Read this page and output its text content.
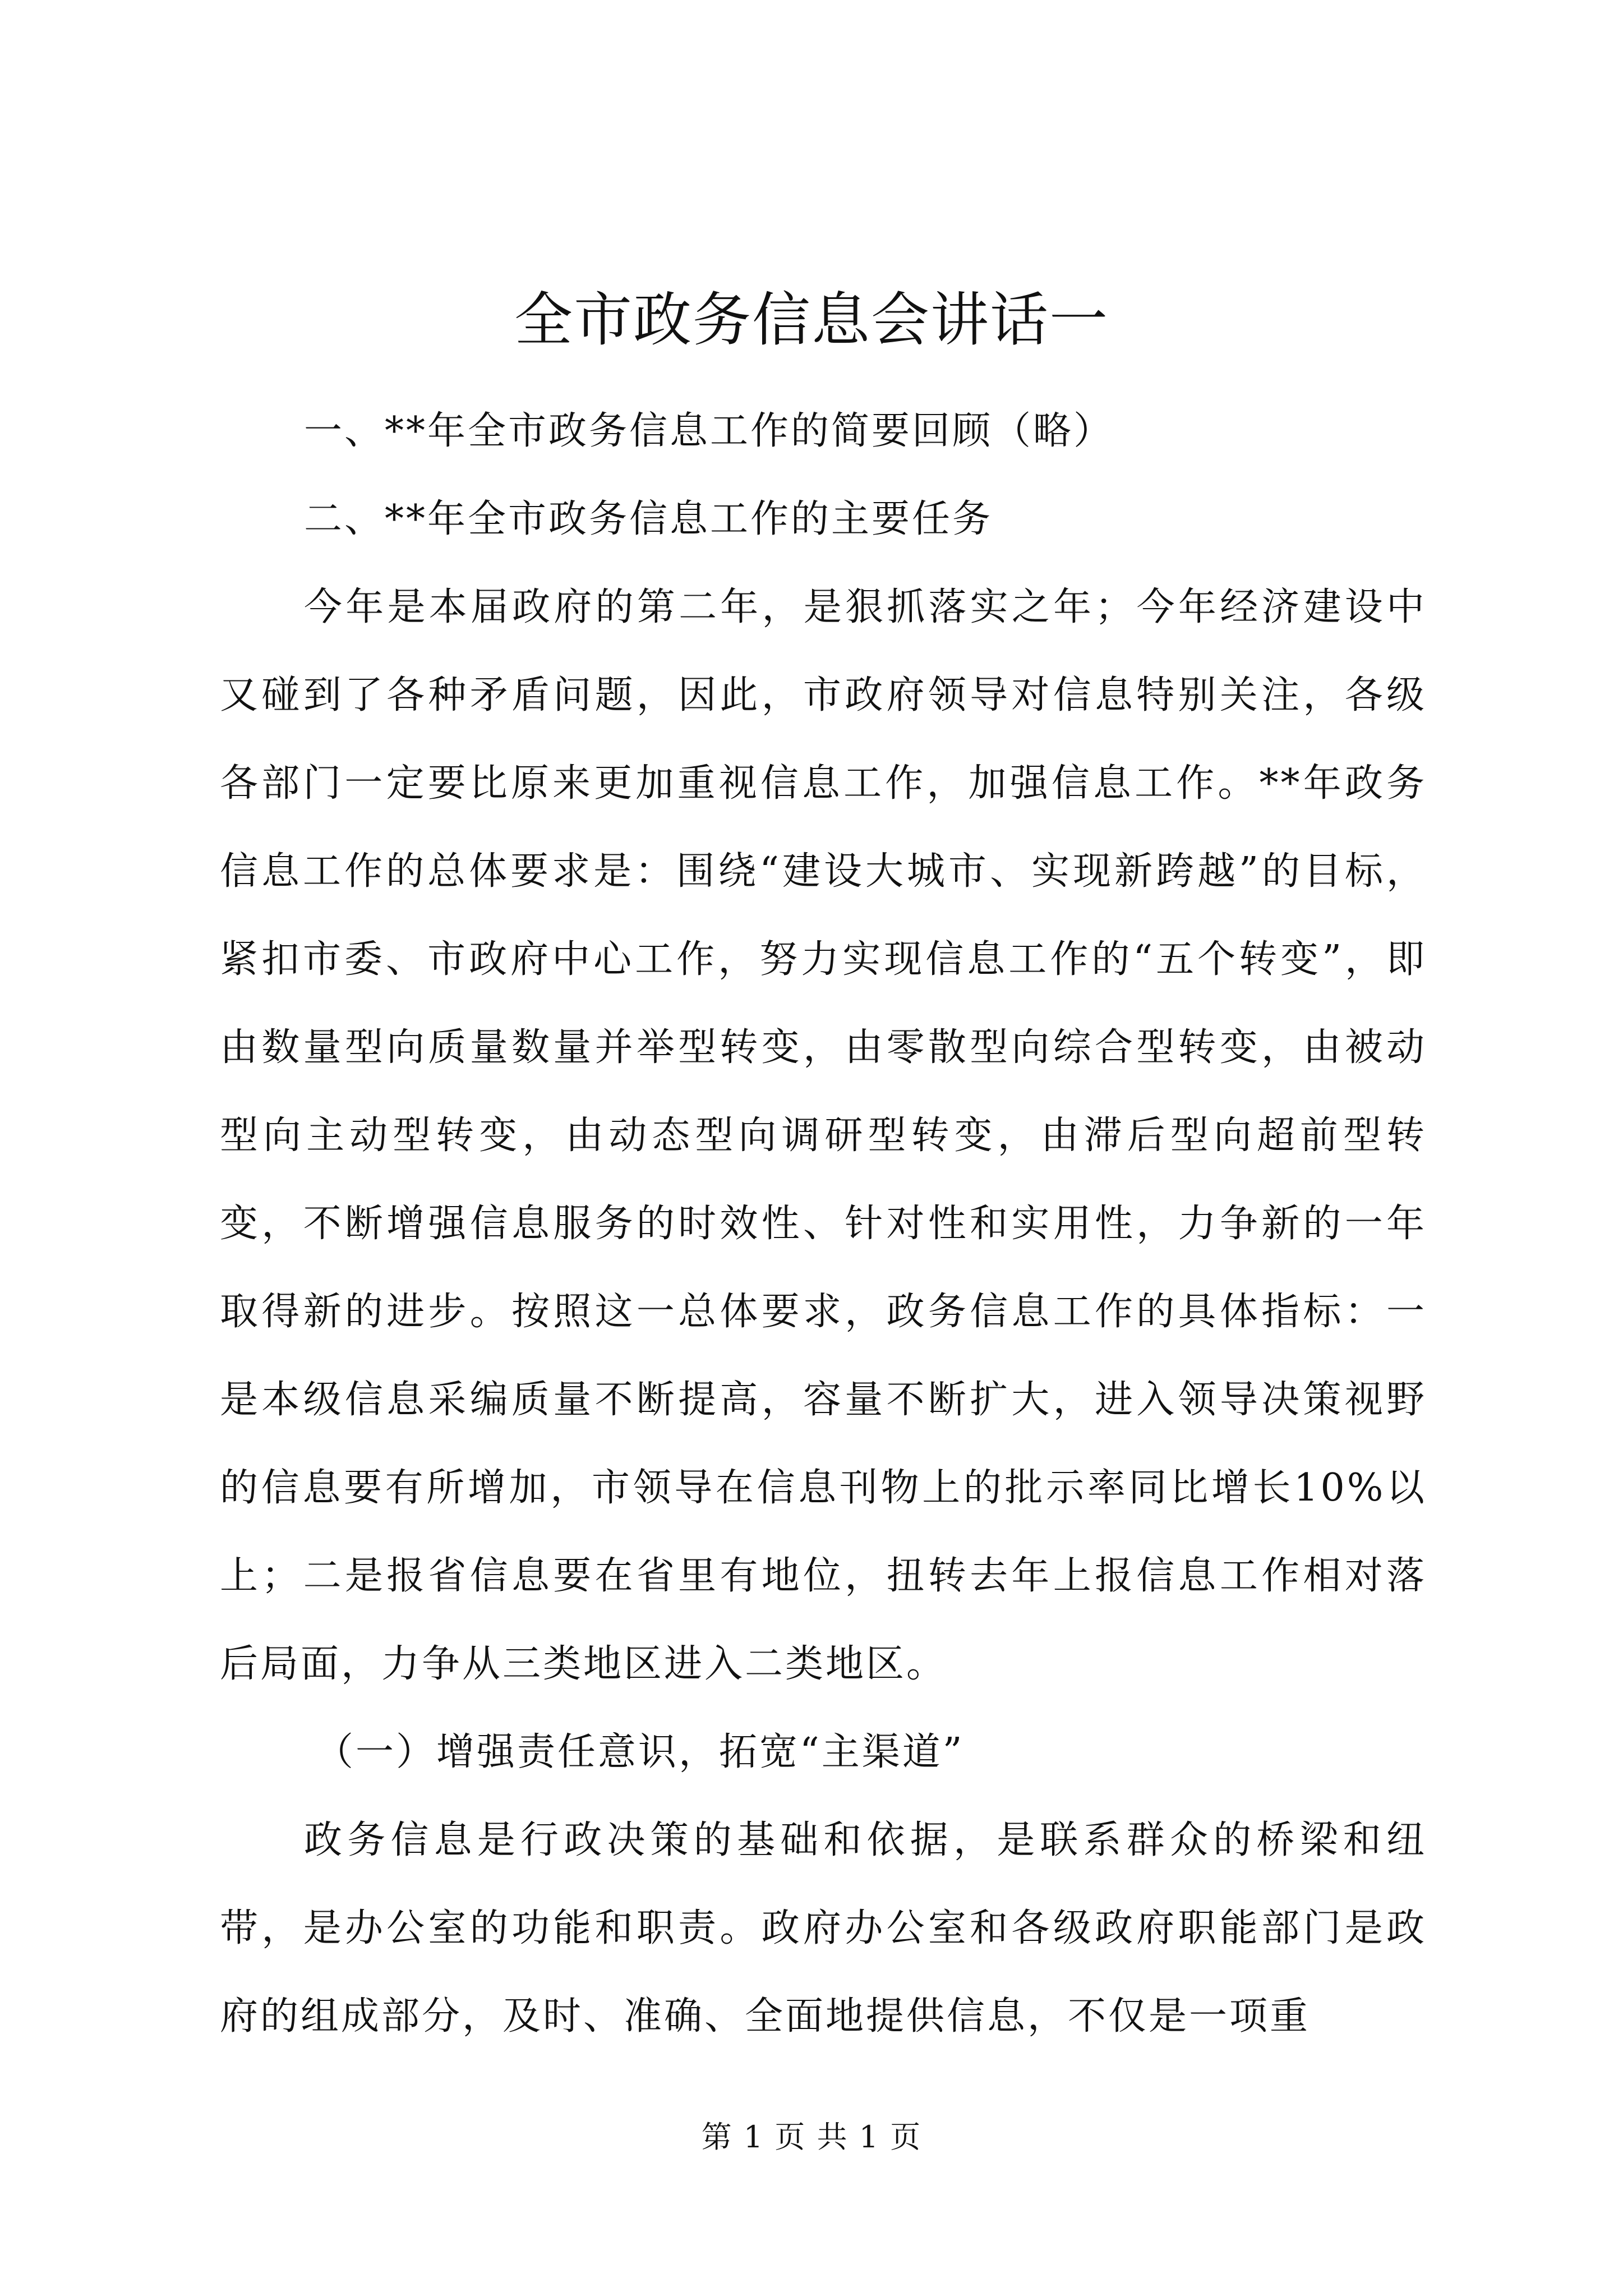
全市政务信息会讲话一

一、**年全市政务信息工作的简要回顾（略）

二、**年全市政务信息工作的主要任务

今年是本届政府的第二年，是狠抓落实之年；今年经济建设中又碰到了各种矛盾问题，因此，市政府领导对信息特别关注，各级各部门一定要比原来更加重视信息工作，加强信息工作。**年政务信息工作的总体要求是：围绕“建设大城市、实现新跨越”的目标，紧扣市委、市政府中心工作，努力实现信息工作的“五个转变”，即由数量型向质量数量并举型转变，由零散型向综合型转变，由被动型向主动型转变，由动态型向调研型转变，由滞后型向超前型转变，不断增强信息服务的时效性、针对性和实用性，力争新的一年取得新的进步。按照这一总体要求，政务信息工作的具体指标：一是本级信息采编质量不断提高，容量不断扩大，进入领导决策视野的信息要有所增加，市领导在信息刊物上的批示率同比增长10%以上；二是报省信息要在省里有地位，扭转去年上报信息工作相对落后局面，力争从三类地区进入二类地区。

（一）增强责任意识，拓宽“主渠道”

政务信息是行政决策的基础和依据，是联系群众的桥梁和纽带，是办公室的功能和职责。政府办公室和各级政府职能部门是政府的组成部分，及时、准确、全面地提供信息，不仅是一项重

第 1 页 共 1 页
